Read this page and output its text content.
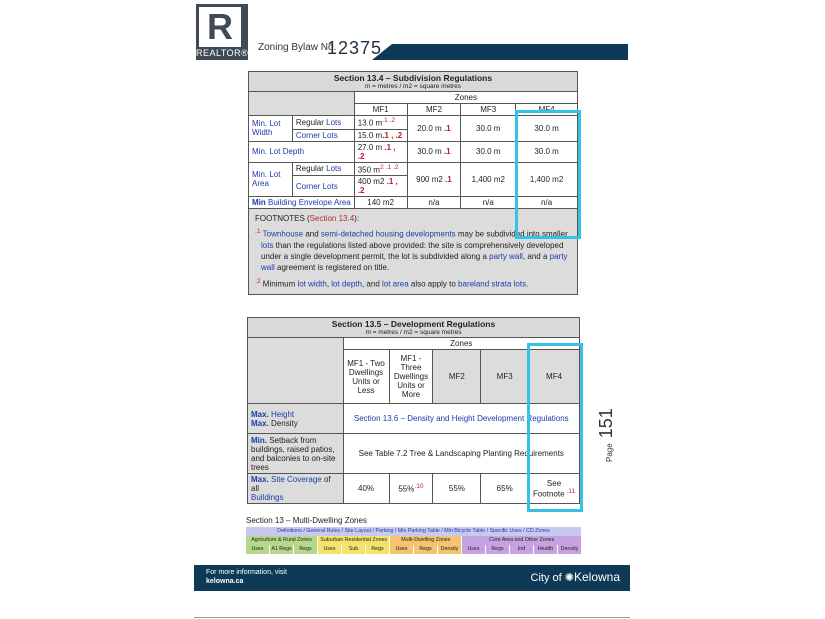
R
REALTOR® Zoning Bylaw No.
12375
Section 13.4 – Subdivision Regulations
m = metres / m2 = square metres					

		Zones			
		MF1	MF2	MF3	MF4
Min. Lot
Width	Regular Lots	13.0 $m^{.1 .2}$	20.0 m .1	30.0 m	30.0 m
	Corner Lots	15.0 m.1 , .2			
Min. Lot Depth		27.0 m .1 , .2	30.0 m .1	30.0 m	30.0 m
Min. Lot
Area	Regular Lots	350 $m^{2 .1 .2}$	900 m2 .1	1,400 m2	1,400 m2
	Corner Lots	400 m2 .1 , .2			
Min Building Envelope Area		140 m2	n/a	n/a	n/a

FOOTNOTES (Section 13.4):
$^{.1}$ Townhouse and semi-detached housing developments may be subdivided into smaller lots than the regulations listed above provided: the site is comprehensively developed under a single development permit, the lot is subdivided along a party wall, and a party wall agreement is registered on title.
$^{.2}$ Minimum lot width, lot depth, and lot area also apply to bareland strata lots.					
Section 13.5 – Development Regulations
m = metres / m2 = square metres					

	Zones				
	MF1 - Two Dwellings Units or Less	MF1 - Three Dwellings Units or More	MF2	MF3	MF4
Max. Height
Max. Density	Section 13.6 – Density and Height Development Regulations				
Min. Setback from buildings, raised patios, and balconies to on-site trees	See Table 7.2 Tree & Landscaping Planting Requirements				
Max. Site Coverage of all
Buildings	40%	55%$^{.10}$	55%	65%	See Footnote $^{.11}$
Page 151
Section 13 – Multi-Dwelling Zones
Definitions / General Rules / Site Layout / Parking / Min Parking Table / Min Bicycle Table / Specific Uses / CD Zones
Agriculture & Rural Zones	Suburban Residential Zones	Multi-Dwelling Zones	Core Area and Other Zones
Uses	A1 Regs	Regs	Uses	Sub	Regs	Uses	Regs	Density	Uses	Regs	Ind	Health	Density
For more information, visit
kelowna.ca	City of ✺Kelowna
